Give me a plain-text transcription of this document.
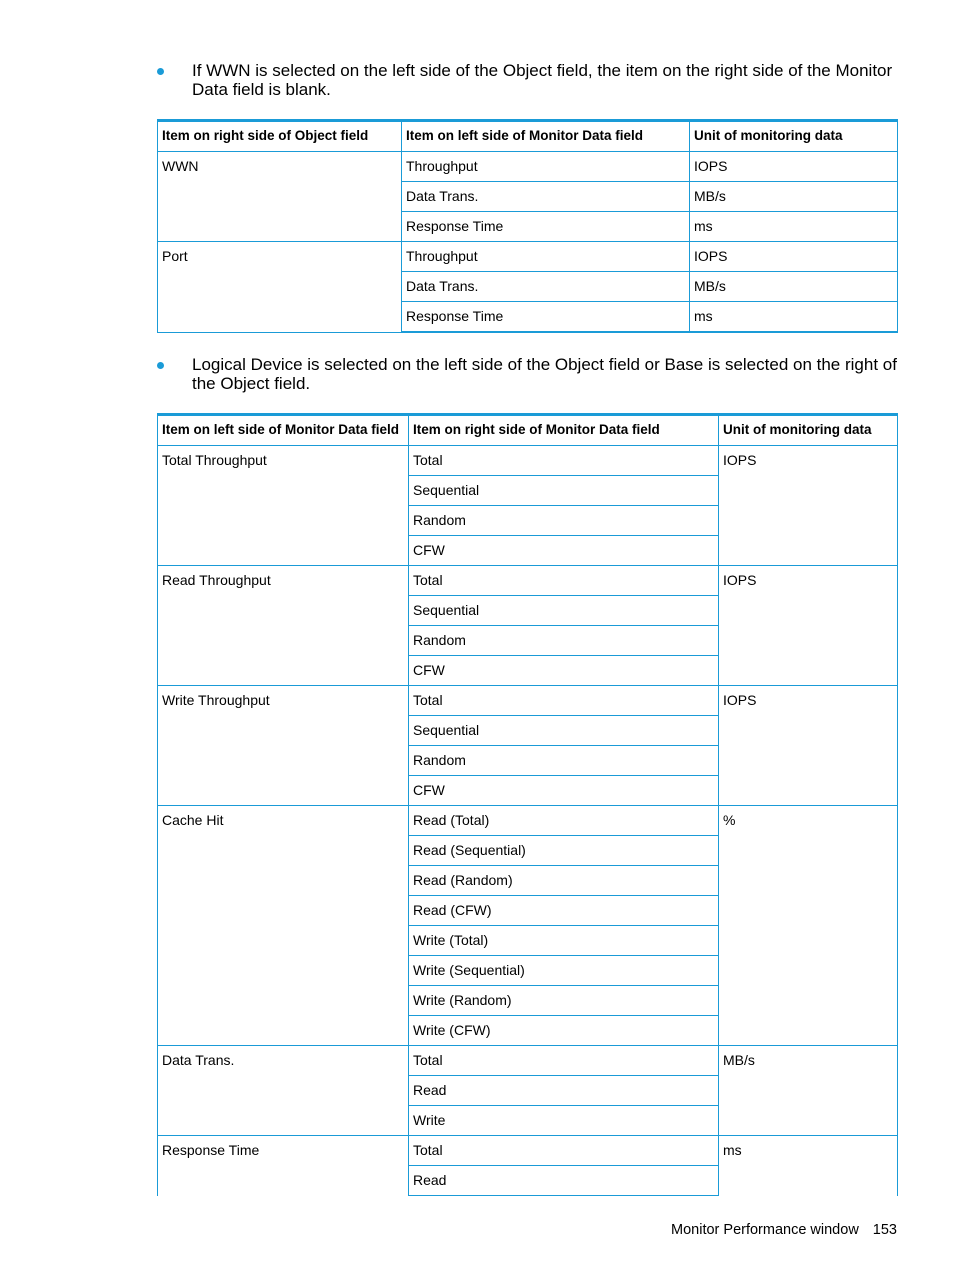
If WWN is selected on the left side of the Object field, the item on the right side of the Monitor Data field is blank.
Item on right side of Object field	Item on left side of Monitor Data field	Unit of monitoring data
WWN	Throughput	IOPS
	Data Trans.	MB/s
	Response Time	ms
Port	Throughput	IOPS
	Data Trans.	MB/s
	Response Time	ms
Logical Device is selected on the left side of the Object field or Base is selected on the right of the Object field.
Item on left side of Monitor Data field	Item on right side of Monitor Data field	Unit of monitoring data
Total Throughput	Total	IOPS
	Sequential	
	Random	
	CFW	
Read Throughput	Total	IOPS
	Sequential	
	Random	
	CFW	
Write Throughput	Total	IOPS
	Sequential	
	Random	
	CFW	
Cache Hit	Read (Total)	%
	Read (Sequential)	
	Read (Random)	
	Read (CFW)	
	Write (Total)	
	Write (Sequential)	
	Write (Random)	
	Write (CFW)	
Data Trans.	Total	MB/s
	Read	
	Write	
Response Time	Total	ms
	Read	
Monitor Performance window 153
